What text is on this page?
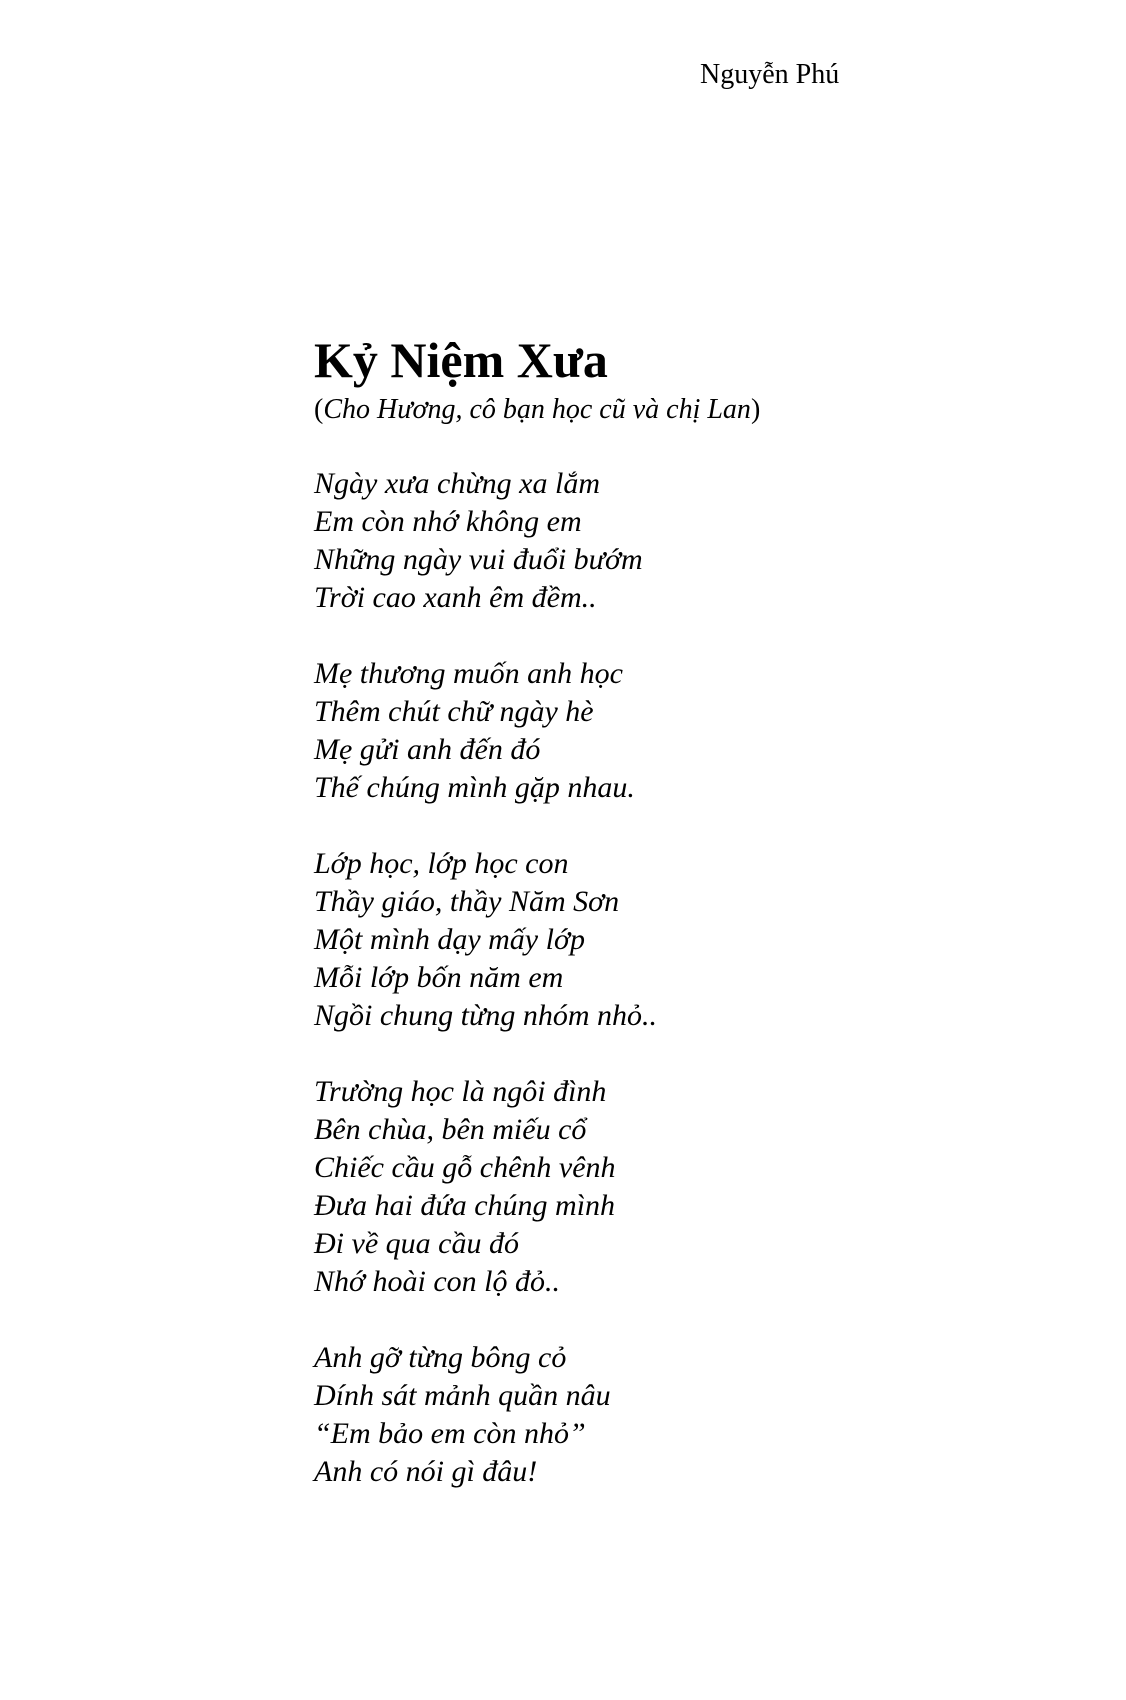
Nguyễn Phú
Kỷ Niệm Xưa
(Cho Hương, cô bạn học cũ và chị Lan)
Ngày xưa chừng xa lắm
Em còn nhớ không em
Những ngày vui đuổi bướm
Trời cao xanh êm đềm..
Mẹ thương muốn anh học
Thêm chút chữ ngày hè
Mẹ gửi anh đến đó
Thế chúng mình gặp nhau.
Lớp học, lớp học con
Thầy giáo, thầy Năm Sơn
Một mình dạy mấy lớp
Mỗi lớp bốn năm em
Ngồi chung từng nhóm nhỏ..
Trường học là ngôi đình
Bên chùa, bên miếu cổ
Chiếc cầu gỗ chênh vênh
Đưa hai đứa chúng mình
Đi về qua cầu đó
Nhớ hoài con lộ đỏ..
Anh gỡ từng bông cỏ
Dính sát mảnh quần nâu
“Em bảo em còn nhỏ”
Anh có nói gì đâu!
